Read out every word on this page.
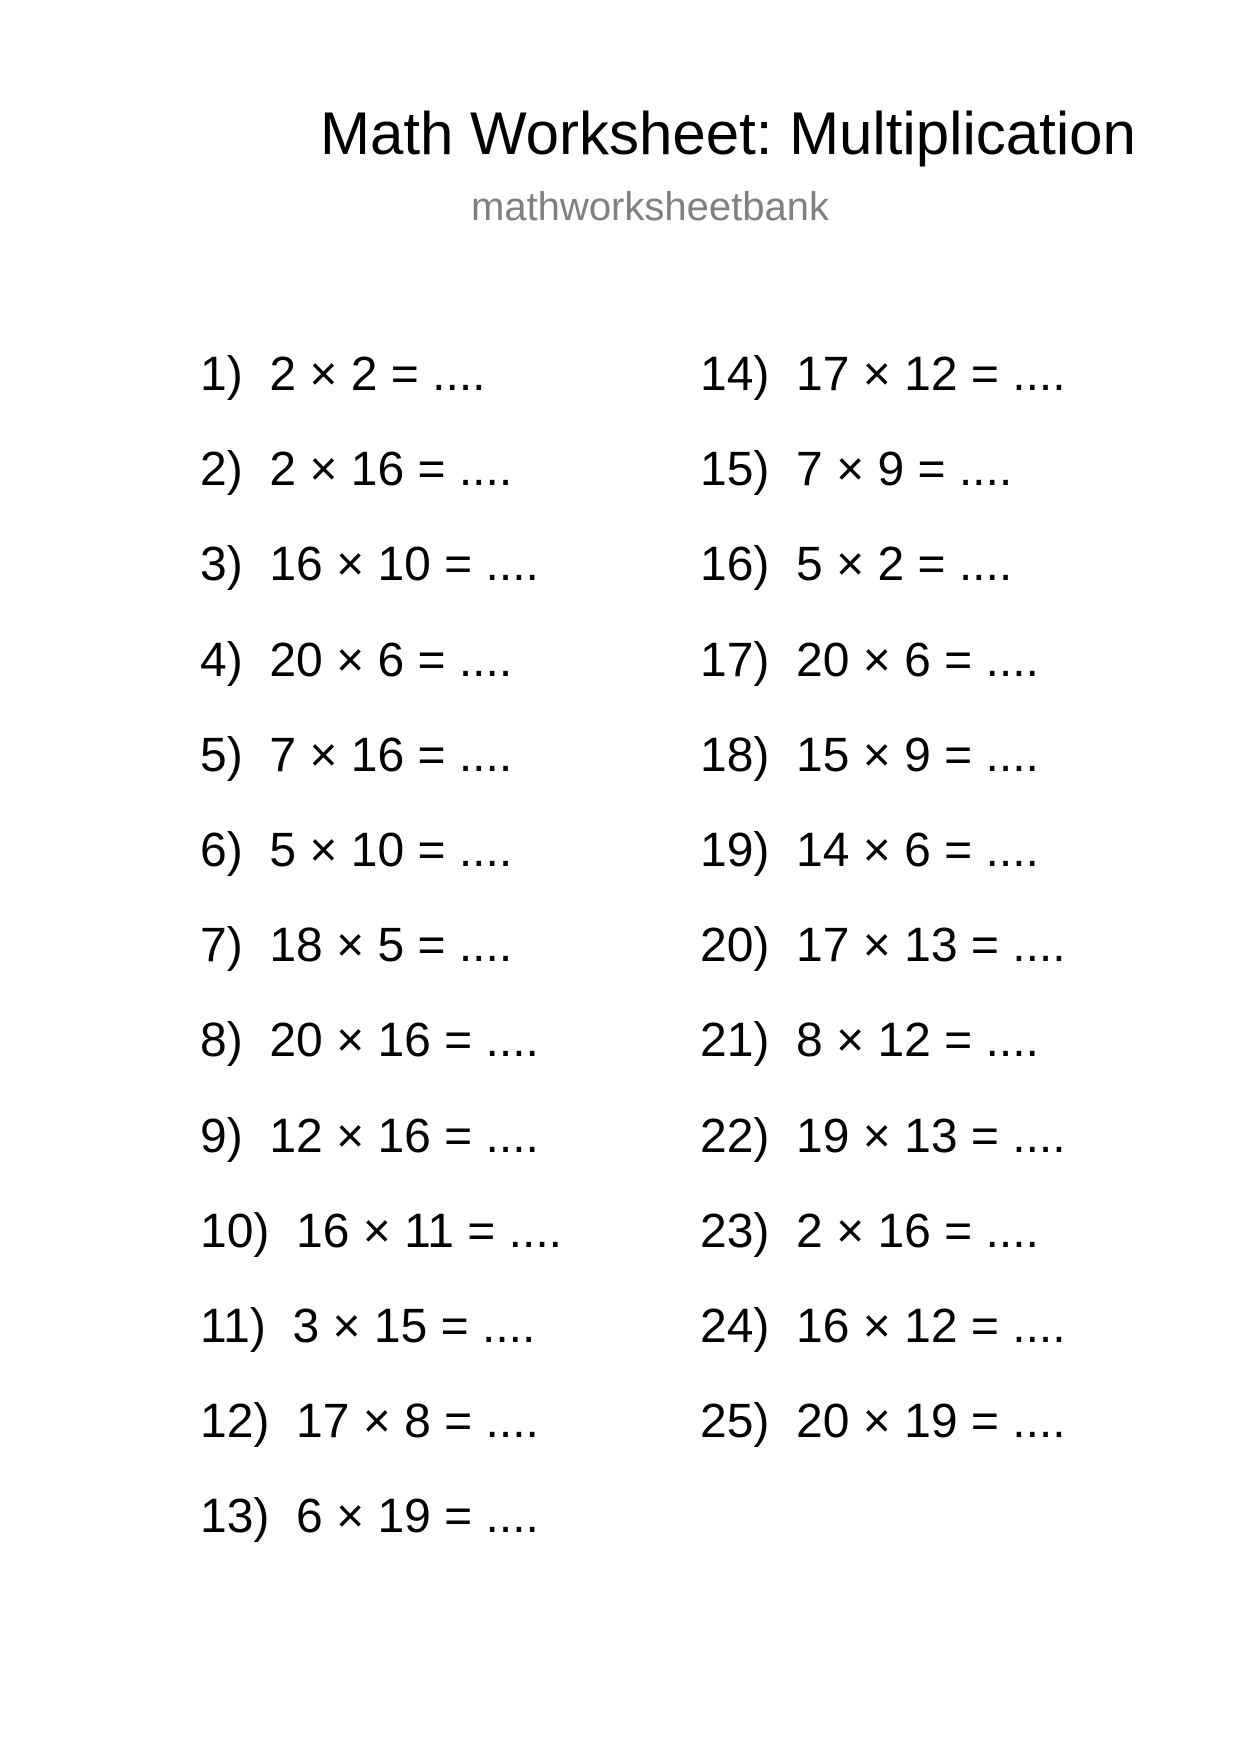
Math Worksheet: Multiplication
mathworksheetbank
1)  2 × 2 = ....
2)  2 × 16 = ....
3)  16 × 10 = ....
4)  20 × 6 = ....
5)  7 × 16 = ....
6)  5 × 10 = ....
7)  18 × 5 = ....
8)  20 × 16 = ....
9)  12 × 16 = ....
10)  16 × 11 = ....
11)  3 × 15 = ....
12)  17 × 8 = ....
13)  6 × 19 = ....
14)  17 × 12 = ....
15)  7 × 9 = ....
16)  5 × 2 = ....
17)  20 × 6 = ....
18)  15 × 9 = ....
19)  14 × 6 = ....
20)  17 × 13 = ....
21)  8 × 12 = ....
22)  19 × 13 = ....
23)  2 × 16 = ....
24)  16 × 12 = ....
25)  20 × 19 = ....
